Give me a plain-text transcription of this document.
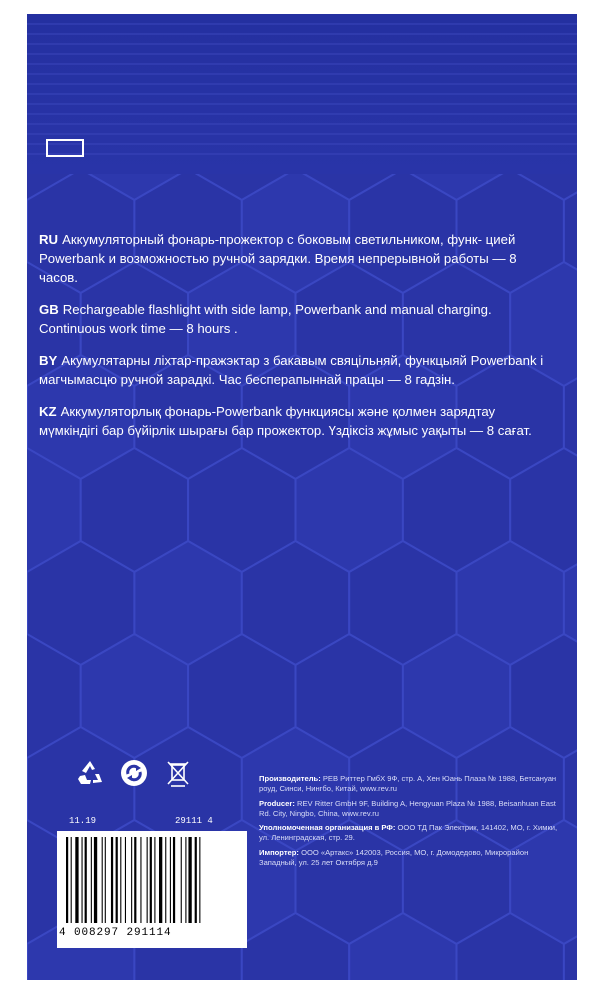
RU Аккумуляторный фонарь-прожектор с боковым светильником, функ- цией Powerbank и возможностью ручной зарядки. Время непрерывной работы — 8 часов.

GB Rechargeable flashlight with side lamp, Powerbank and manual charging. Continuous work time — 8 hours .

BY Акумулятарны ліхтар-пражэктар з бакавым свяцільняй, функцыяй Powerbank і магчымасцю ручной зарадкі. Час бесперапыннай працы — 8 гадзін.

KZ Аккумуляторлық фонарь-Powerbank функциясы және қолмен зарядтау мүмкіндігі бар бүйірлік шырағы бар прожектор. Үздіксіз жұмыс уақыты — 8 сағат.

11.19	29111 4
4 008297 291114

Производитель: РЕВ Риттер ГмбХ 9Ф, стр. А, Хен Юань Плаза № 1988, Бетсануан роуд, Синси, Нингбо, Китай, www.rev.ru

Producer: REV Ritter GmbH 9F, Building A, Hengyuan Plaza № 1988, Beisanhuan East Rd. City, Ningbo, China, www.rev.ru

Уполномоченная организация в РФ: ООО ТД Пак Электрик, 141402, МО, г. Химки, ул. Ленинградская, стр. 29.

Импортер: ООО «Артакс» 142003, Россия, МО, г. Домодедово, Микрорайон Западный, ул. 25 лет Октября д.9
